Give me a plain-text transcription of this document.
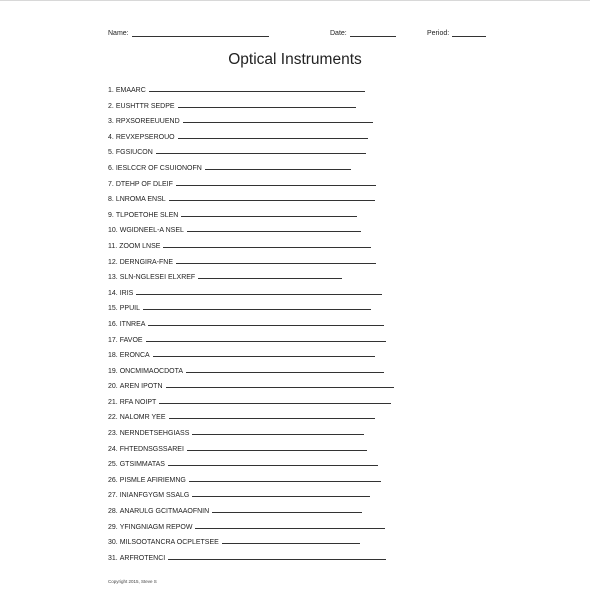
Name:	Date:	Period:
Optical Instruments
1. EMAARC
2. EUSHTTR SEDPE
3. RPXSOREEUUEND
4. REVXEPSEROUO
5. FGSIUCON
6. IESLCCR OF CSUIONOFN
7. DTEHP OF DLEIF
8. LNROMA ENSL
9. TLPOETOHE SLEN
10. WGIDNEEL-A NSEL
11. ZOOM LNSE
12. DERNGIRA-FNE
13. SLN-NGLESEI ELXREF
14. IRIS
15. PPUIL
16. ITNREA
17. FAVOE
18. ERONCA
19. ONCMIMAOCDOTA
20. AREN IPOTN
21. RFA NOIPT
22. NALOMR YEE
23. NERNDETSEHGIASS
24. FHTEDNSGSSAREI
25. GTSIMMATAS
26. PISMLE AFIRIEMNG
27. INIANFGYGM SSALG
28. ANARULG GCITMAAOFNIN
29. YFINGNIAGM REPOW
30. MILSOOTANCRA OCPLETSEE
31. ARFROTENCI
Copyright 2015, Steve S
